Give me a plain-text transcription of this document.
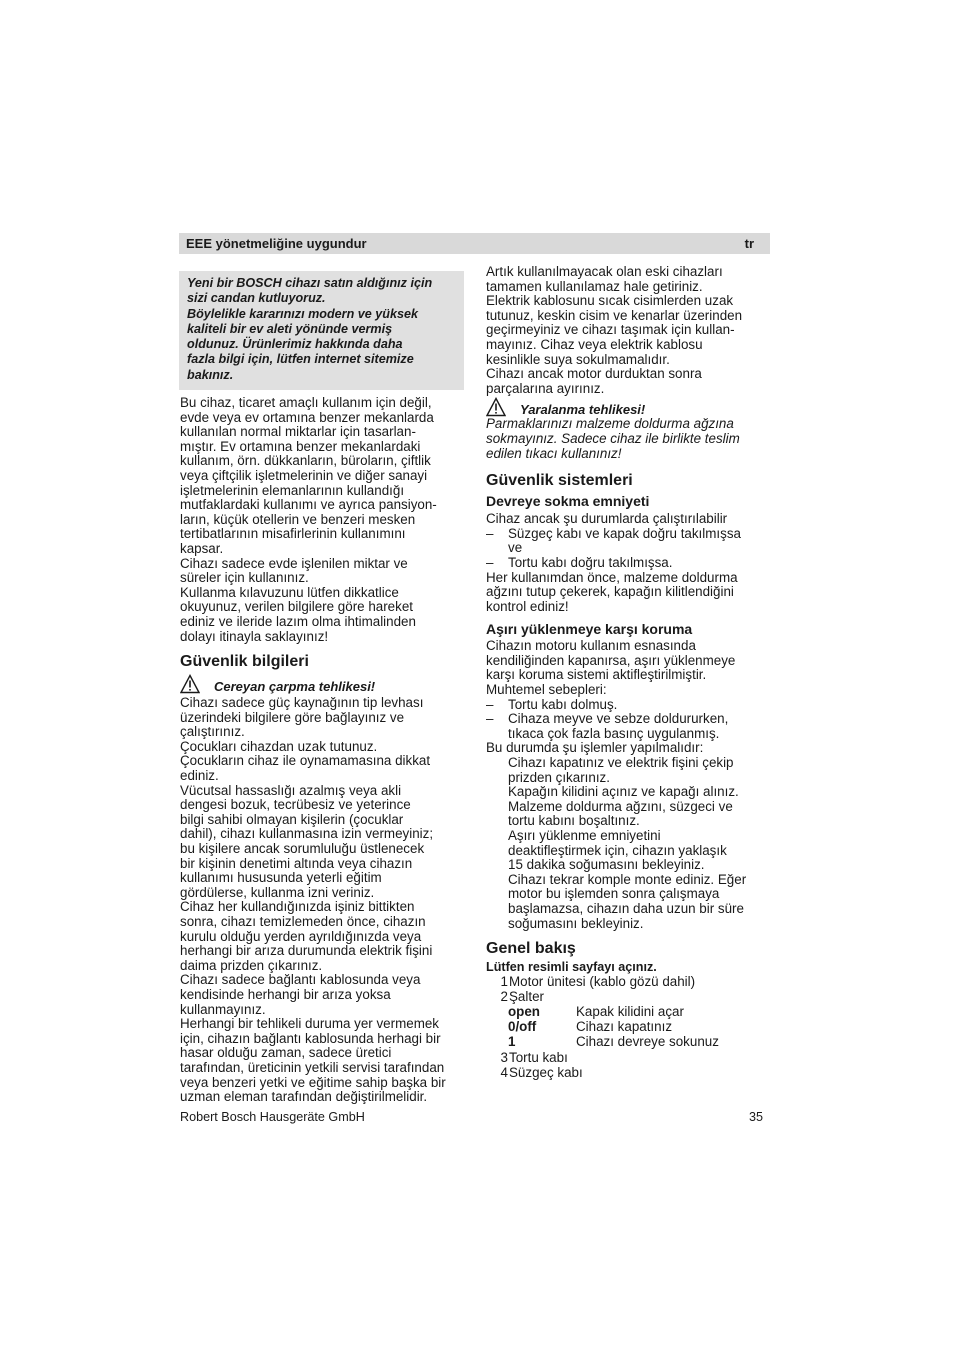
EEE yönetmeliğine uygundur	tr

Yeni bir BOSCH cihazı satın aldığınız için

sizi candan kutluyoruz.

Böylelikle kararınızı modern ve yüksek

kaliteli bir ev aleti yönünde vermiş

oldunuz. Ürünlerimiz hakkında daha

fazla bilgi için, lütfen internet sitemize

bakınız.

Bu cihaz, ticaret amaçlı kullanım için değil,

evde veya ev ortamına benzer mekanlarda

kullanılan normal miktarlar için tasarlan-

mıştır. Ev ortamına benzer mekanlardaki

kullanım, örn. dükkanların, büroların, çiftlik

veya çiftçilik işletmelerinin ve diğer sanayi

işletmelerinin elemanlarının kullandığı

mutfaklardaki kullanımı ve ayrıca pansiyon-

ların, küçük otellerin ve benzeri mesken

tertibatlarının misafirlerinin kullanımını

kapsar.

Cihazı sadece evde işlenilen miktar ve

süreler için kullanınız.

Kullanma kılavuzunu lütfen dikkatlice

okuyunuz, verilen bilgilere göre hareket

ediniz ve ileride lazım olma ihtimalinden

dolayı itinayla saklayınız!

Güvenlik bilgileri
Cereyan çarpma tehlikesi!

Cihazı sadece güç kaynağının tip levhası

üzerindeki bilgilere göre bağlayınız ve

çalıştırınız.

Çocukları cihazdan uzak tutunuz.

Çocukların cihaz ile oynamamasına dikkat

ediniz.

Vücutsal hassaslığı azalmış veya akli

dengesi bozuk, tecrübesiz ve yeterince

bilgi sahibi olmayan kişilerin (çocuklar

dahil), cihazı kullanmasına izin vermeyiniz;

bu kişilere ancak sorumluluğu üstlenecek

bir kişinin denetimi altında veya cihazın

kullanımı hususunda yeterli eğitim

gördülerse, kullanma izni veriniz.

Cihaz her kullandığınızda işiniz bittikten

sonra, cihazı temizlemeden önce, cihazın

kurulu olduğu yerden ayrıldığınızda veya

herhangi bir arıza durumunda elektrik fişini

daima prizden çıkarınız.

Cihazı sadece bağlantı kablosunda veya

kendisinde herhangi bir arıza yoksa

kullanmayınız.

Herhangi bir tehlikeli duruma yer vermemek

için, cihazın bağlantı kablosunda herhagi bir

hasar olduğu zaman, sadece üretici

tarafından, üreticinin yetkili servisi tarafından

veya benzeri yetki ve eğitime sahip başka bir

uzman eleman tarafından değiştirilmelidir.

Artık kullanılmayacak olan eski cihazları

tamamen kullanılamaz hale getiriniz.

Elektrik kablosunu sıcak cisimlerden uzak

tutunuz, keskin cisim ve kenarlar üzerinden

geçirmeyiniz ve cihazı taşımak için kullan-

mayınız. Cihaz veya elektrik kablosu

kesinlikle suya sokulmamalıdır.

Cihazı ancak motor durduktan sonra

parçalarına ayırınız.

Yaralanma tehlikesi!

Parmaklarınızı malzeme doldurma ağzına

sokmayınız. Sadece cihaz ile birlikte teslim

edilen tıkacı kullanınız!

Güvenlik sistemleri
Devreye sokma emniyeti

Cihaz ancak şu durumlarda çalıştırılabilir

–	Süzgeç kabı ve kapak doğru takılmışsa

ve

–	Tortu kabı doğru takılmışsa.

Her kullanımdan önce, malzeme doldurma

ağzını tutup çekerek, kapağın kilitlendiğini

kontrol ediniz!

Aşırı yüklenmeye karşı koruma

Cihazın motoru kullanım esnasında

kendiliğinden kapanırsa, aşırı yüklenmeye

karşı koruma sistemi aktifleştirilmiştir.

Muhtemel sebepleri:

–	Tortu kabı dolmuş.

–	Cihaza meyve ve sebze doldururken,

tıkaca çok fazla basınç uygulanmış.

Bu durumda şu işlemler yapılmalıdır:

Cihazı kapatınız ve elektrik fişini çekip

prizden çıkarınız.

Kapağın kilidini açınız ve kapağı alınız.

Malzeme doldurma ağzını, süzgeci ve

tortu kabını boşaltınız.

Aşırı yüklenme emniyetini

deaktifleştirmek için, cihazın yaklaşık

15 dakika soğumasını bekleyiniz.

Cihazı tekrar komple monte ediniz. Eğer

motor bu işlemden sonra çalışmaya

başlamazsa, cihazın daha uzun bir süre

soğumasını bekleyiniz.

Genel bakış
Lütfen resimli sayfayı açınız.
1 Motor ünitesi (kablo gözü dahil)
2 Şalter
open	Kapak kilidini açar
0/off	Cihazı kapatınız
1	Cihazı devreye sokunuz
3 Tortu kabı
4 Süzgeç kabı
Robert Bosch Hausgeräte GmbH	35
